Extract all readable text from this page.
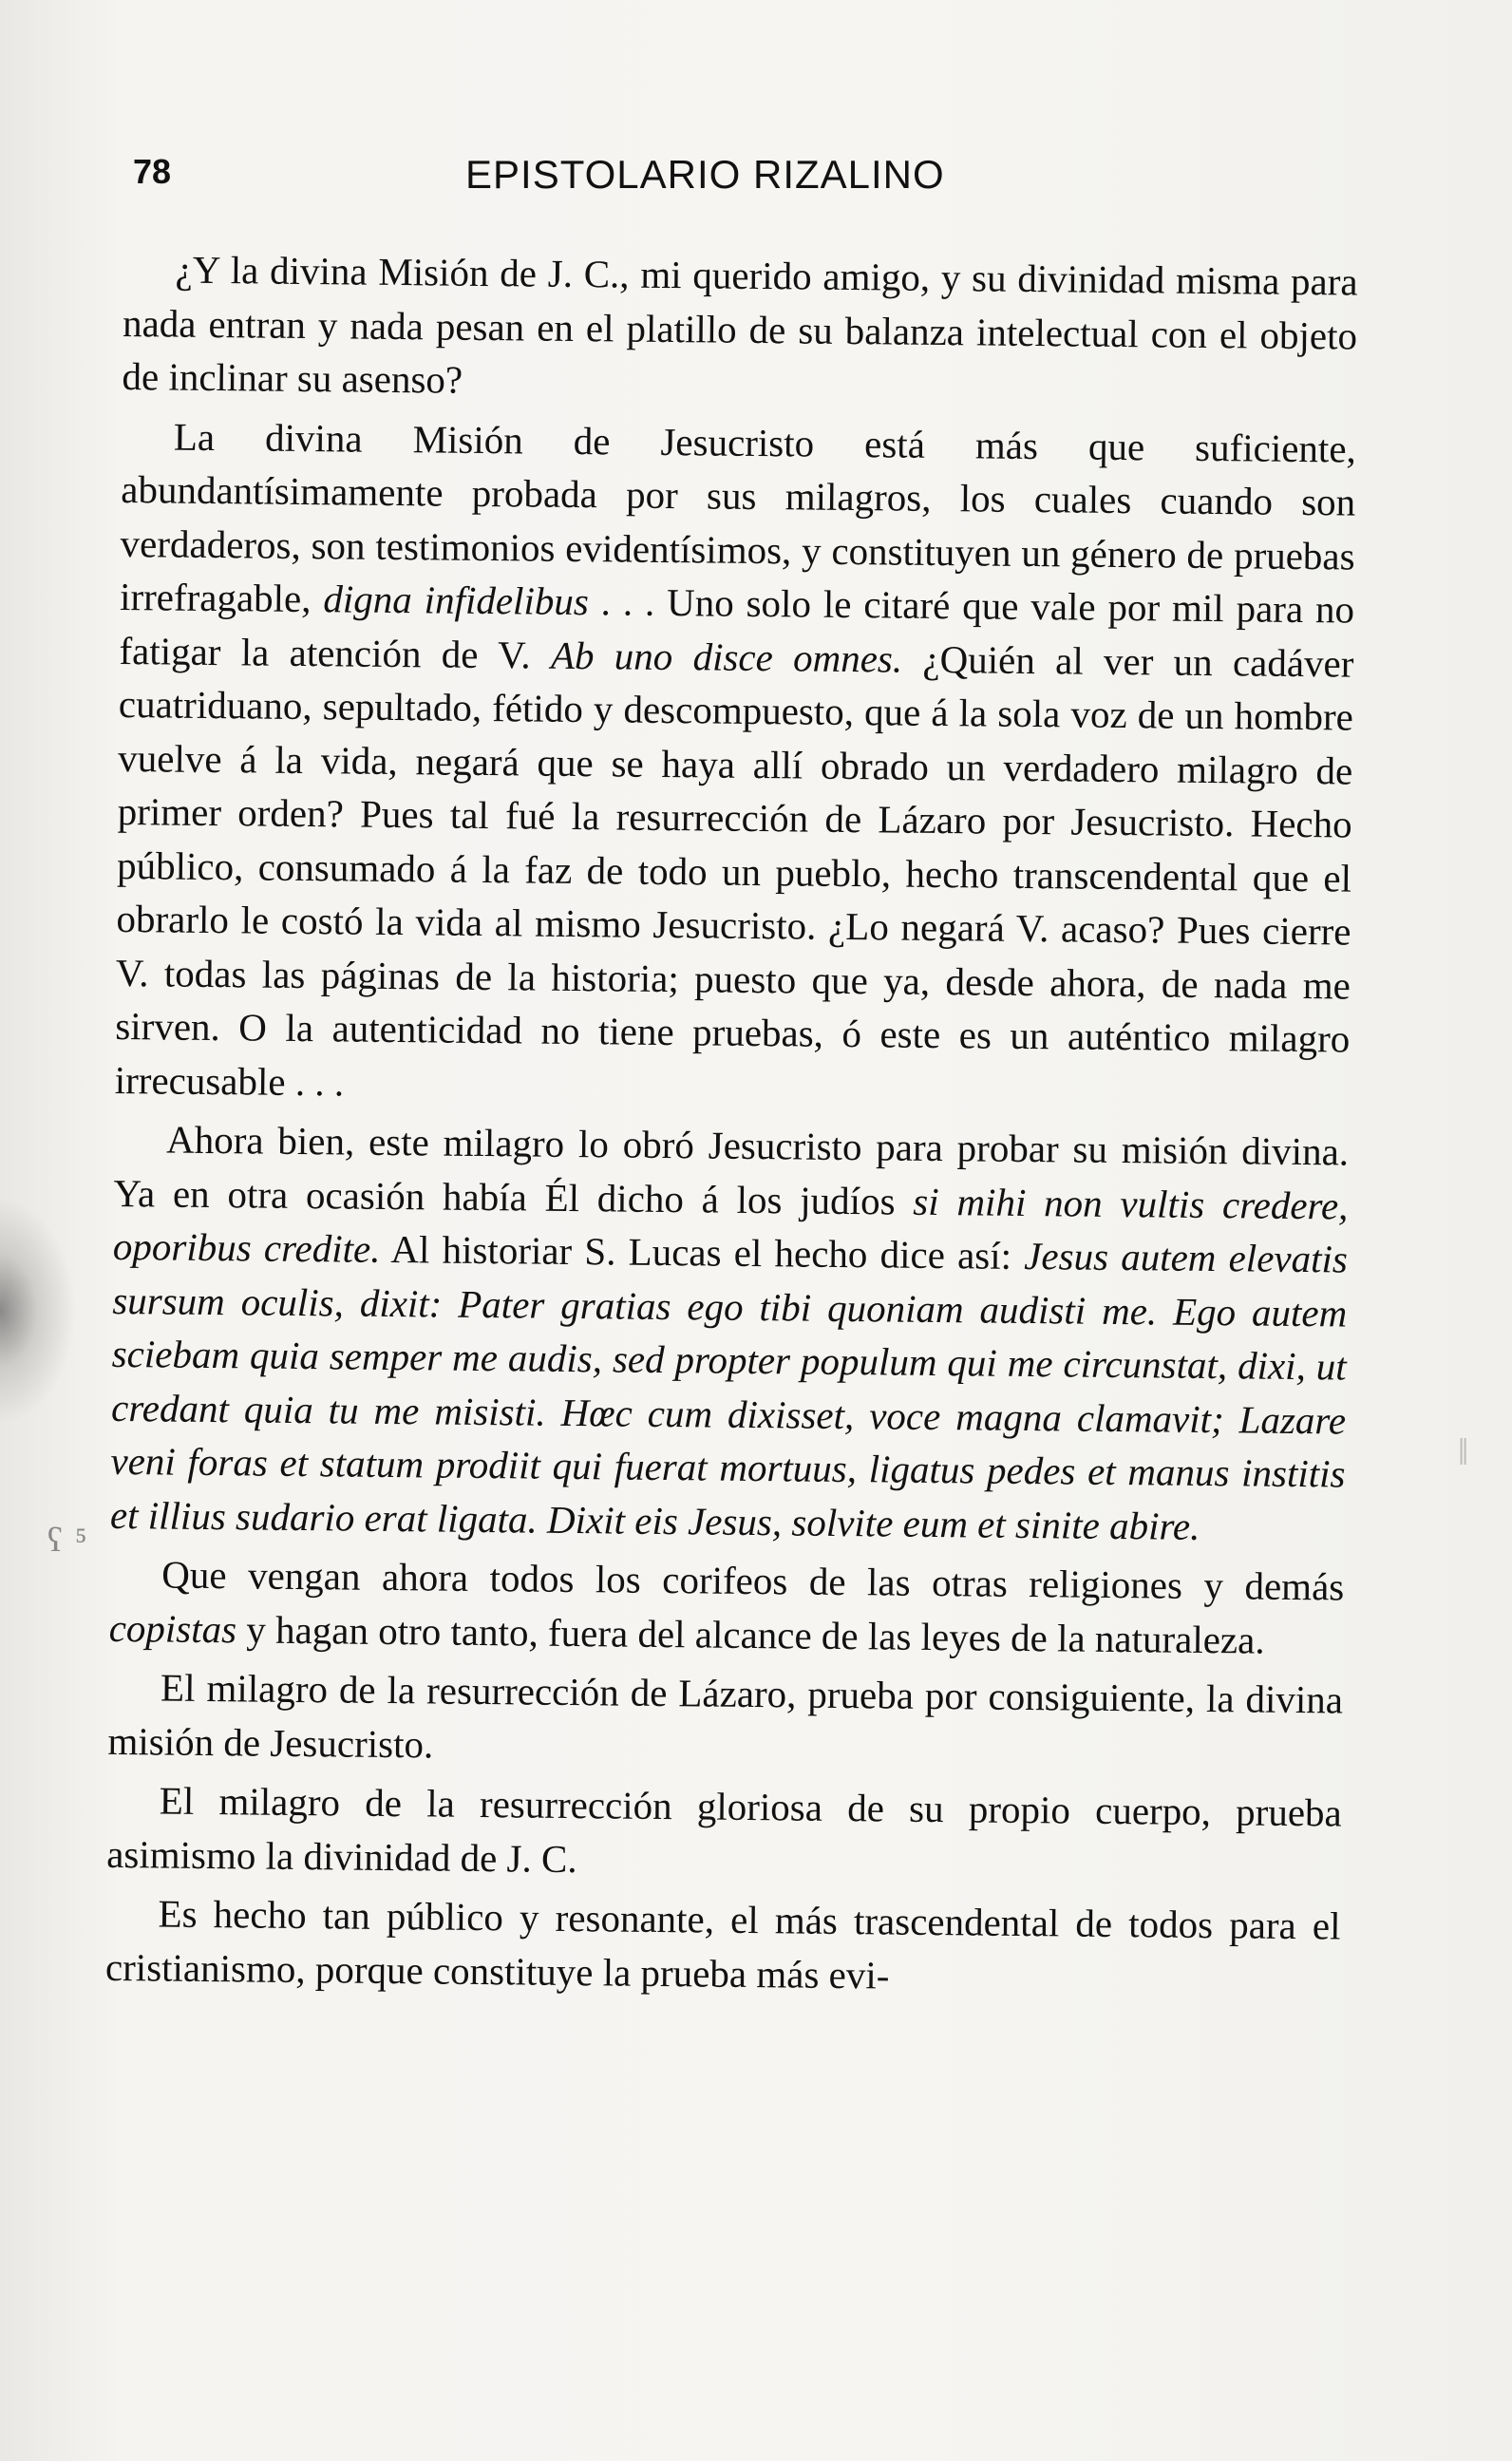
ʕ ⁵
‖
78	EPISTOLARIO RIZALINO

¿Y la divina Misión de J. C., mi querido amigo, y su divinidad misma para nada entran y nada pesan en el platillo de su balanza intelectual con el objeto de inclinar su asenso?

La divina Misión de Jesucristo está más que suficiente, abundantísimamente probada por sus milagros, los cuales cuando son verdaderos, son testimonios evidentísimos, y constituyen un género de pruebas irrefragable, digna infidelibus . . . Uno solo le citaré que vale por mil para no fatigar la atención de V. Ab uno disce omnes. ¿Quién al ver un cadáver cuatriduano, sepultado, fétido y descompuesto, que á la sola voz de un hombre vuelve á la vida, negará que se haya allí obrado un verdadero milagro de primer orden? Pues tal fué la resurrección de Lázaro por Jesucristo. Hecho público, consumado á la faz de todo un pueblo, hecho transcendental que el obrarlo le costó la vida al mismo Jesucristo. ¿Lo negará V. acaso? Pues cierre V. todas las páginas de la historia; puesto que ya, desde ahora, de nada me sirven. O la autenticidad no tiene pruebas, ó este es un auténtico milagro irrecusable . . .

Ahora bien, este milagro lo obró Jesucristo para probar su misión divina. Ya en otra ocasión había Él dicho á los judíos si mihi non vultis credere, oporibus credite. Al historiar S. Lucas el hecho dice así: Jesus autem elevatis sursum oculis, dixit: Pater gratias ego tibi quoniam audisti me. Ego autem sciebam quia semper me audis, sed propter populum qui me circunstat, dixi, ut credant quia tu me misisti. Hœc cum dixisset, voce magna clamavit; Lazare veni foras et statum prodiit qui fuerat mortuus, ligatus pedes et manus institis et illius sudario erat ligata. Dixit eis Jesus, solvite eum et sinite abire.

Que vengan ahora todos los corifeos de las otras religiones y demás copistas y hagan otro tanto, fuera del alcance de las leyes de la naturaleza.

El milagro de la resurrección de Lázaro, prueba por consiguiente, la divina misión de Jesucristo.

El milagro de la resurrección gloriosa de su propio cuerpo, prueba asimismo la divinidad de J. C.

Es hecho tan público y resonante, el más trascendental de todos para el cristianismo, porque constituye la prueba más evi-
